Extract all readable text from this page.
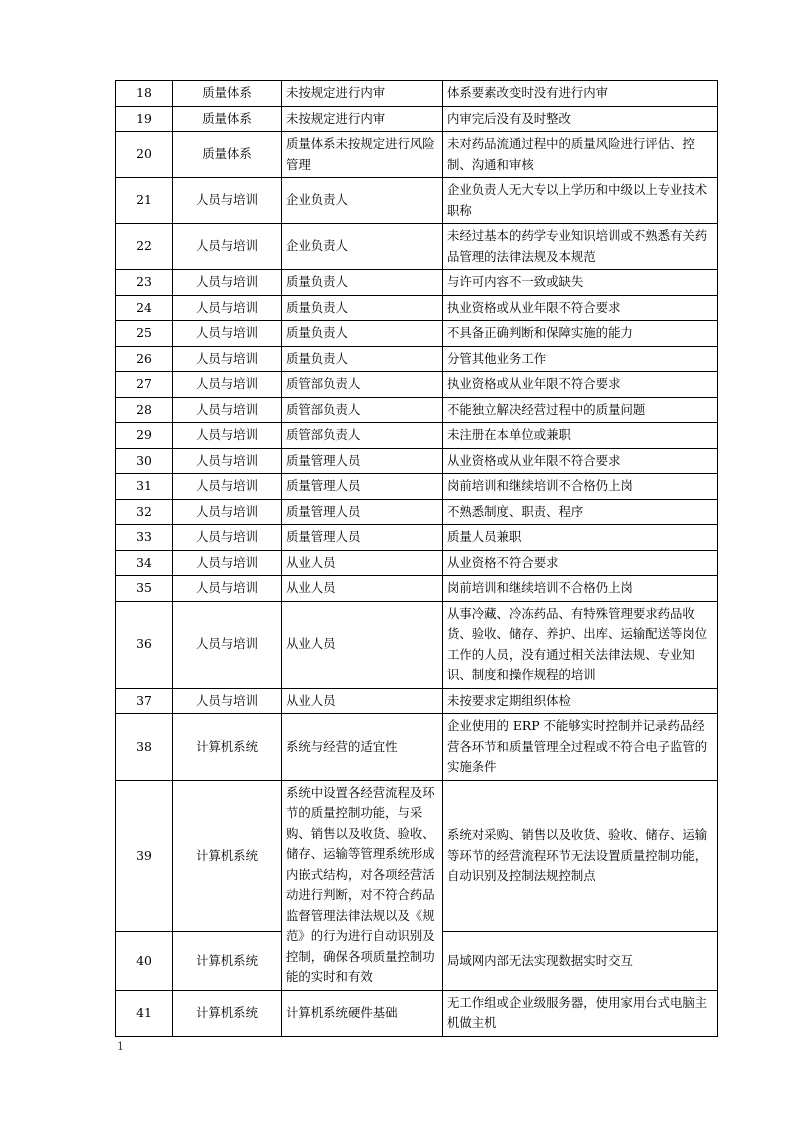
18	质量体系	未按规定进行内审	体系要素改变时没有进行内审
19	质量体系	未按规定进行内审	内审完后没有及时整改
20	质量体系	质量体系未按规定进行风险管理	未对药品流通过程中的质量风险进行评估、控制、沟通和审核
21	人员与培训	企业负责人	企业负责人无大专以上学历和中级以上专业技术职称
22	人员与培训	企业负责人	未经过基本的药学专业知识培训或不熟悉有关药品管理的法律法规及本规范
23	人员与培训	质量负责人	与许可内容不一致或缺失
24	人员与培训	质量负责人	执业资格或从业年限不符合要求
25	人员与培训	质量负责人	不具备正确判断和保障实施的能力
26	人员与培训	质量负责人	分管其他业务工作
27	人员与培训	质管部负责人	执业资格或从业年限不符合要求
28	人员与培训	质管部负责人	不能独立解决经营过程中的质量问题
29	人员与培训	质管部负责人	未注册在本单位或兼职
30	人员与培训	质量管理人员	从业资格或从业年限不符合要求
31	人员与培训	质量管理人员	岗前培训和继续培训不合格仍上岗
32	人员与培训	质量管理人员	不熟悉制度、职责、程序
33	人员与培训	质量管理人员	质量人员兼职
34	人员与培训	从业人员	从业资格不符合要求
35	人员与培训	从业人员	岗前培训和继续培训不合格仍上岗
36	人员与培训	从业人员	从事冷藏、冷冻药品、有特殊管理要求药品收货、验收、储存、养护、出库、运输配送等岗位工作的人员，没有通过相关法律法规、专业知识、制度和操作规程的培训
37	人员与培训	从业人员	未按要求定期组织体检
38	计算机系统	系统与经营的适宜性	企业使用的 ERP 不能够实时控制并记录药品经营各环节和质量管理全过程或不符合电子监管的实施条件
39	计算机系统	系统中设置各经营流程及环节的质量控制功能，与采购、销售以及收货、验收、储存、运输等管理系统形成内嵌式结构，对各项经营活动进行判断，对不符合药品监督管理法律法规以及《规范》的行为进行自动识别及控制，确保各项质量控制功能的实时和有效	系统对采购、销售以及收货、验收、储存、运输等环节的经营流程环节无法设置质量控制功能，自动识别及控制法规控制点
40	计算机系统		局域网内部无法实现数据实时交互
41	计算机系统	计算机系统硬件基础	无工作组或企业级服务器，使用家用台式电脑主机做主机
1
